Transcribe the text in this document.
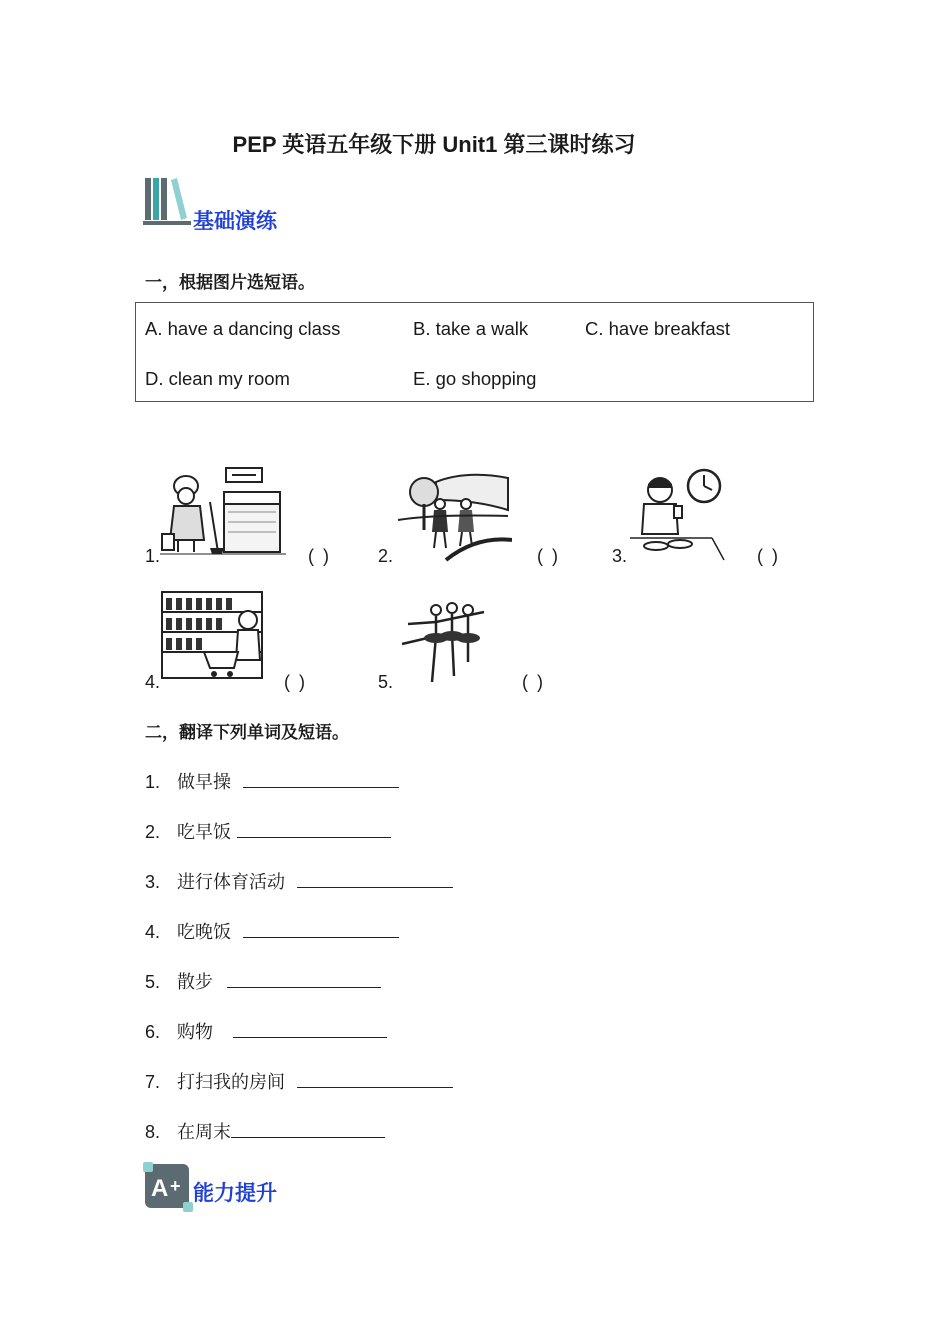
PEP 英语五年级下册 Unit1 第三课时练习
基础演练
一，根据图片选短语。
A. have a dancing class	B. take a walk	C. have breakfast
D. clean my room	E. go shopping
1.	( )	2.	( )	3.	( )
4.	( )	5.	( )
二，翻译下列单词及短语。
1. 做早操
2. 吃早饭
3. 进行体育活动
4. 吃晚饭
5. 散步
6. 购物
7. 打扫我的房间
8. 在周末
A + 能力提升
